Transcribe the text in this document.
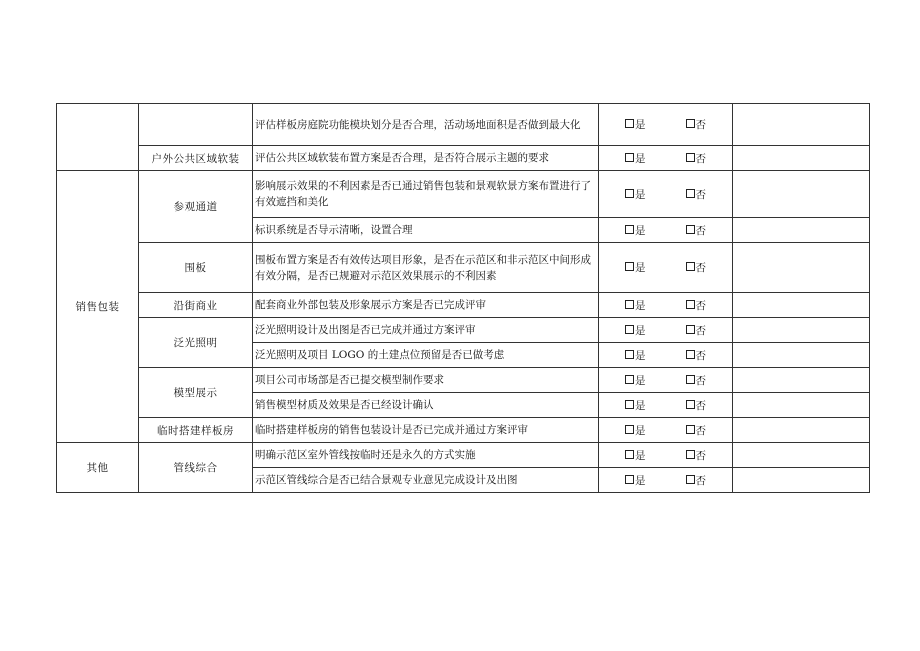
		评估样板房庭院功能模块划分是否合理，活动场地面积是否做到最大化	是 否	
	户外公共区域软装	评估公共区域软装布置方案是否合理，是否符合展示主题的要求	是 否	
销售包装	参观通道	影响展示效果的不利因素是否已通过销售包装和景观软景方案布置进行了有效遮挡和美化	是 否	
		标识系统是否导示清晰，设置合理	是 否	
	围板	围板布置方案是否有效传达项目形象，是否在示范区和非示范区中间形成有效分隔，是否已规避对示范区效果展示的不利因素	是 否	
	沿街商业	配套商业外部包装及形象展示方案是否已完成评审	是 否	
	泛光照明	泛光照明设计及出图是否已完成并通过方案评审	是 否	
		泛光照明及项目 LOGO 的土建点位预留是否已做考虑	是 否	
	模型展示	项目公司市场部是否已提交模型制作要求	是 否	
		销售模型材质及效果是否已经设计确认	是 否	
	临时搭建样板房	临时搭建样板房的销售包装设计是否已完成并通过方案评审	是 否	
其他	管线综合	明确示范区室外管线按临时还是永久的方式实施	是 否	
		示范区管线综合是否已结合景观专业意见完成设计及出图	是 否	
